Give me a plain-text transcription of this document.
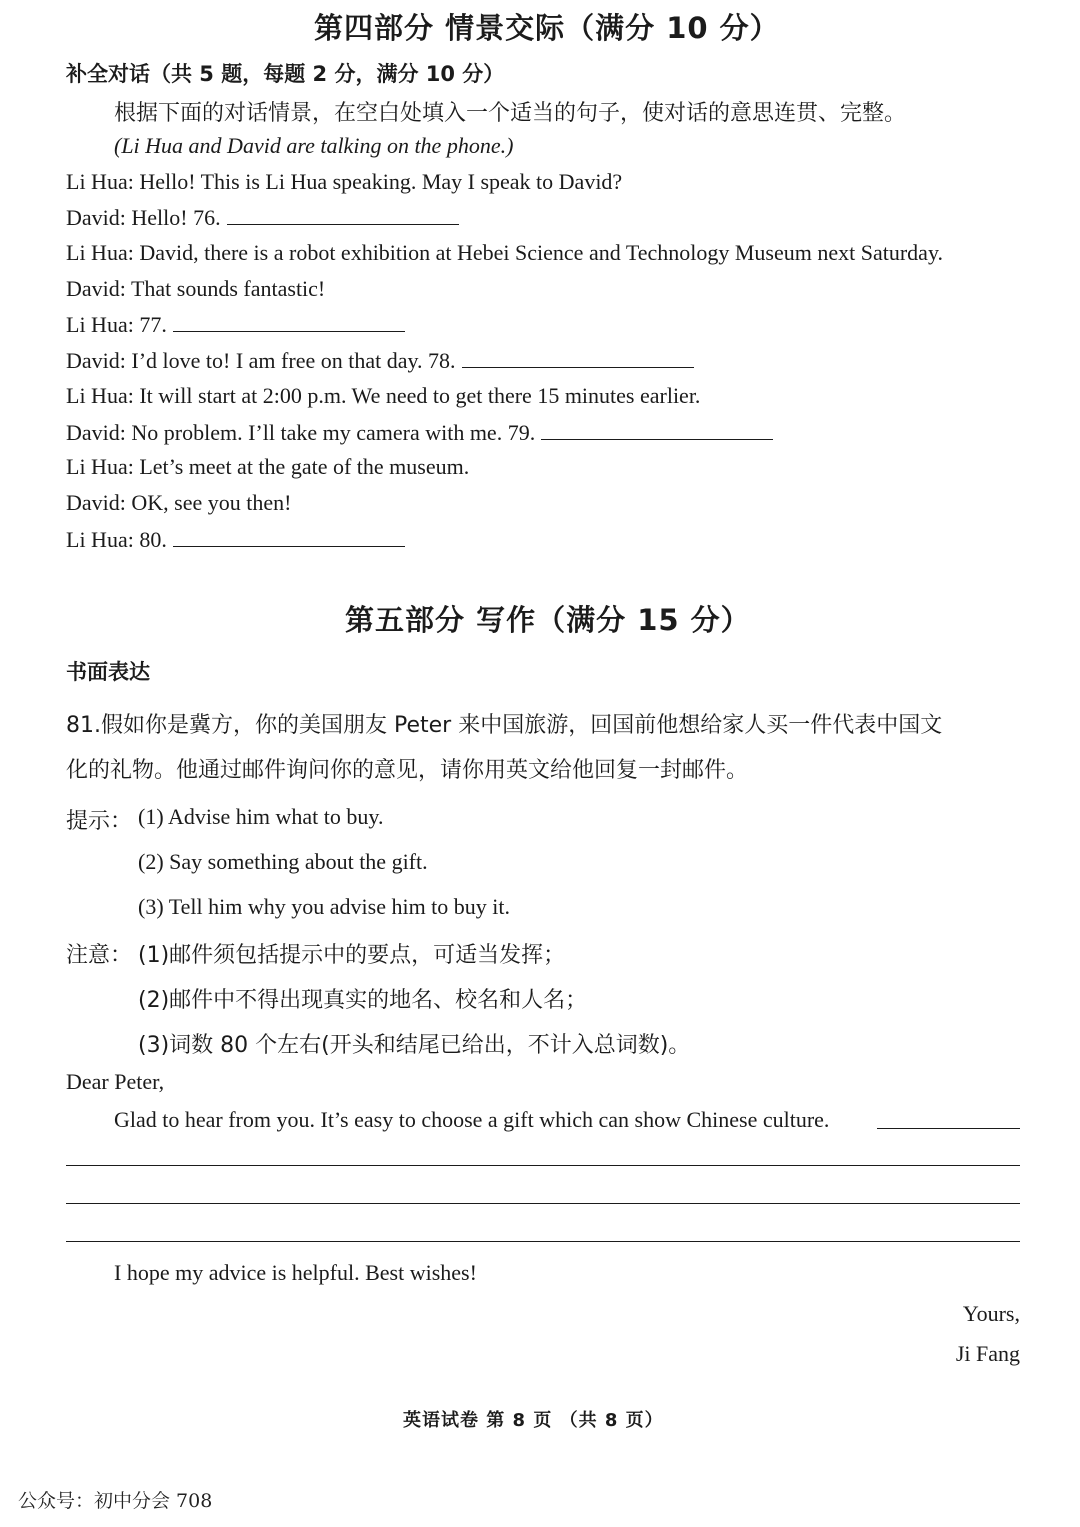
第四部分 情景交际（满分 10 分）
补全对话（共 5 题，每题 2 分，满分 10 分）
根据下面的对话情景，在空白处填入一个适当的句子，使对话的意思连贯、完整。
(Li Hua and David are talking on the phone.)
Li Hua: Hello! This is Li Hua speaking. May I speak to David?
David: Hello! 76.
Li Hua: David, there is a robot exhibition at Hebei Science and Technology Museum next Saturday.
David: That sounds fantastic!
Li Hua: 77.
David: I’d love to! I am free on that day. 78.
Li Hua: It will start at 2:00 p.m. We need to get there 15 minutes earlier.
David: No problem. I’ll take my camera with me. 79.
Li Hua: Let’s meet at the gate of the museum.
David: OK, see you then!
Li Hua: 80.
第五部分 写作（满分 15 分）
书面表达
81.假如你是冀方，你的美国朋友 Peter 来中国旅游，回国前他想给家人买一件代表中国文
化的礼物。他通过邮件询问你的意见，请你用英文给他回复一封邮件。
提示： (1) Advise him what to buy.
(2) Say something about the gift.
(3) Tell him why you advise him to buy it.
注意： (1)邮件须包括提示中的要点，可适当发挥；
(2)邮件中不得出现真实的地名、校名和人名；
(3)词数 80 个左右(开头和结尾已给出，不计入总词数)。
Dear Peter,
Glad to hear from you. It’s easy to choose a gift which can show Chinese culture.
I hope my advice is helpful. Best wishes!
Yours,
Ji Fang
英语试卷 第 8 页 （共 8 页）
公众号：初中分会 708
